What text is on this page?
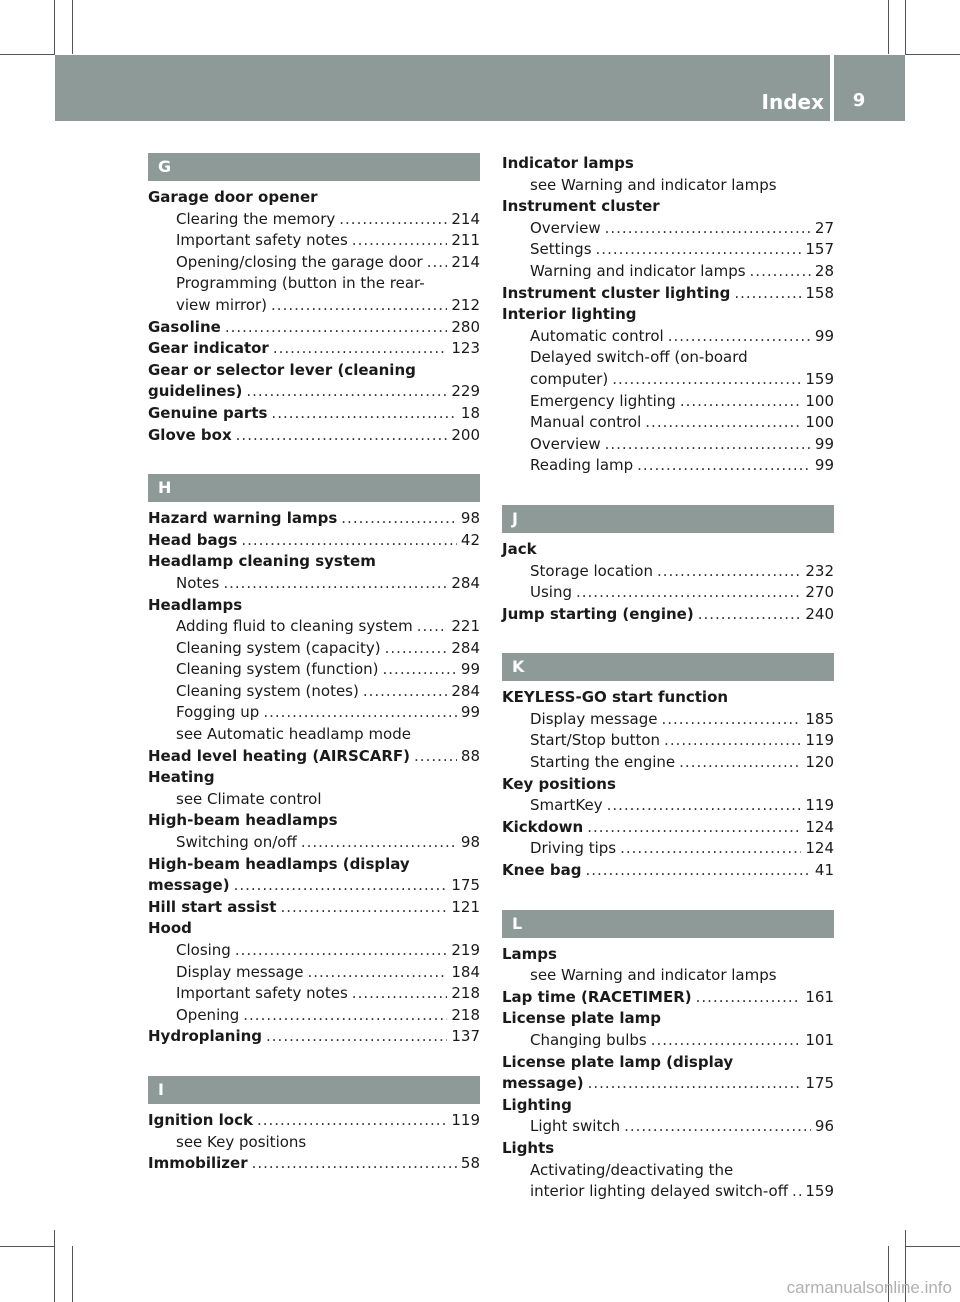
Index	9
G
Garage door opener
Clearing the memory .....	214
Important safety notes .....	211
Opening/closing the garage door ..... 214
Programming (button in the rear-
view mirror) .....	212
Gasoline .....	280
Gear indicator .....	123
Gear or selector lever (cleaning
guidelines) .....	229
Genuine parts .....	18
Glove box .....	200
H
Hazard warning lamps .....	98
Head bags .....	42
Headlamp cleaning system
Notes .....	284
Headlamps
Adding fluid to cleaning system .....	221
Cleaning system (capacity) .....	284
Cleaning system (function) .....	99
Cleaning system (notes) .....	284
Fogging up .....	99
see Automatic headlamp mode
Head level heating (AIRSCARF) .....	88
Heating
see Climate control
High-beam headlamps
Switching on/off .....	98
High-beam headlamps (display
message) .....	175
Hill start assist .....	121
Hood
Closing .....	219
Display message .....	184
Important safety notes .....	218
Opening .....	218
Hydroplaning .....	137
I
Ignition lock .....	119
see Key positions
Immobilizer .....	58
Indicator lamps
see Warning and indicator lamps
Instrument cluster
Overview .....	27
Settings .....	157
Warning and indicator lamps .....	28
Instrument cluster lighting .....	158
Interior lighting
Automatic control .....	99
Delayed switch-off (on-board
computer) .....	159
Emergency lighting .....	100
Manual control .....	100
Overview .....	99
Reading lamp .....	99
J
Jack
Storage location .....	232
Using .....	270
Jump starting (engine) .....	240
K
KEYLESS-GO start function
Display message .....	185
Start/Stop button .....	119
Starting the engine .....	120
Key positions
SmartKey .....	119
Kickdown .....	124
Driving tips .....	124
Knee bag .....	41
L
Lamps
see Warning and indicator lamps
Lap time (RACETIMER) .....	161
License plate lamp
Changing bulbs .....	101
License plate lamp (display
message) .....	175
Lighting
Light switch .....	96
Lights
Activating/deactivating the
interior lighting delayed switch-off ..... 159
carmanualsonline.info
